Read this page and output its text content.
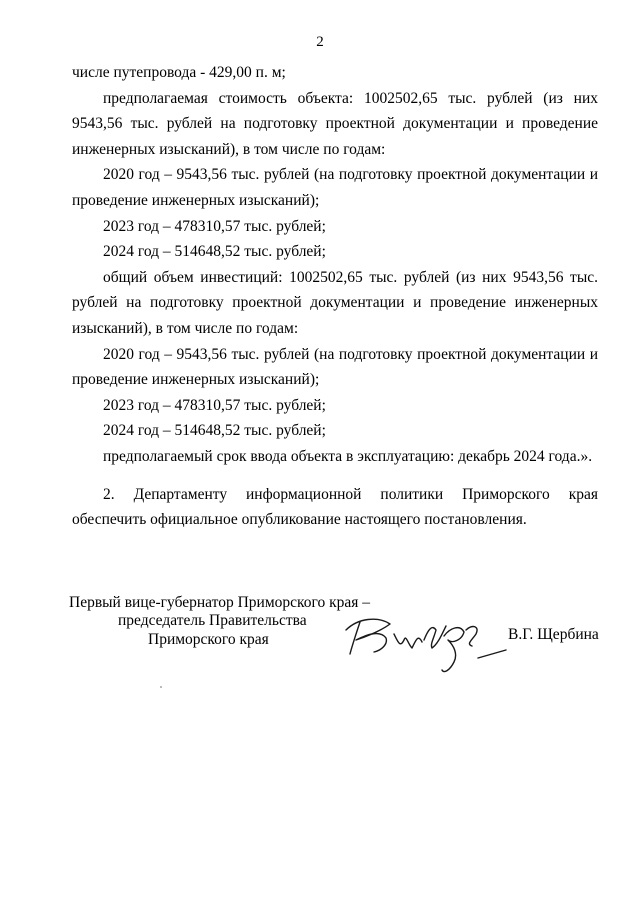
2

числе путепровода - 429,00 п. м;

предполагаемая стоимость объекта: 1002502,65 тыс. рублей (из них 9543,56 тыс. рублей на подготовку проектной документации и проведение инженерных изысканий), в том числе по годам:

2020 год – 9543,56 тыс. рублей (на подготовку проектной документации и проведение инженерных изысканий);

2023 год – 478310,57 тыс. рублей;

2024 год – 514648,52 тыс. рублей;

общий объем инвестиций: 1002502,65 тыс. рублей (из них 9543,56 тыс. рублей на подготовку проектной документации и проведение инженерных изысканий), в том числе по годам:

2020 год – 9543,56 тыс. рублей (на подготовку проектной документации и проведение инженерных изысканий);

2023 год – 478310,57 тыс. рублей;

2024 год – 514648,52 тыс. рублей;

предполагаемый срок ввода объекта в эксплуатацию: декабрь 2024 года.».

2. Департаменту информационной политики Приморского края обеспечить официальное опубликование настоящего постановления.

Первый вице-губернатор Приморского края –
председатель Правительства
Приморского края	В.Г. Щербина
